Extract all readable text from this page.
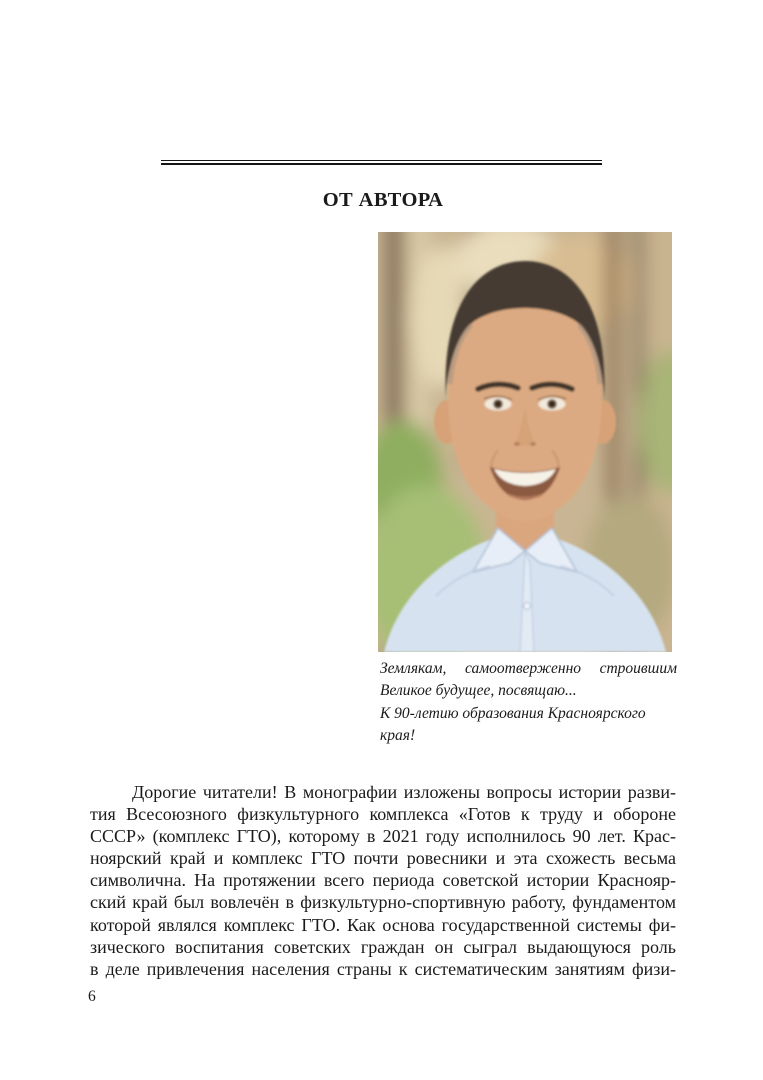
ОТ АВТОРА
Землякам, самоотверженно строившим
Великое будущее, посвящаю...
К 90-летию образования Красноярского края!
Дорогие читатели! В монографии изложены вопросы истории разви-
тия Всесоюзного физкультурного комплекса «Готов к труду и обороне
СССР» (комплекс ГТО), которому в 2021 году исполнилось 90 лет. Крас-
ноярский край и комплекс ГТО почти ровесники и эта схожесть весьма
символична. На протяжении всего периода советской истории Краснояр-
ский край был вовлечён в физкультурно-спортивную работу, фундаментом
которой являлся комплекс ГТО. Как основа государственной системы фи-
зического воспитания советских граждан он сыграл выдающуюся роль
в деле привлечения населения страны к систематическим занятиям физи-
6
